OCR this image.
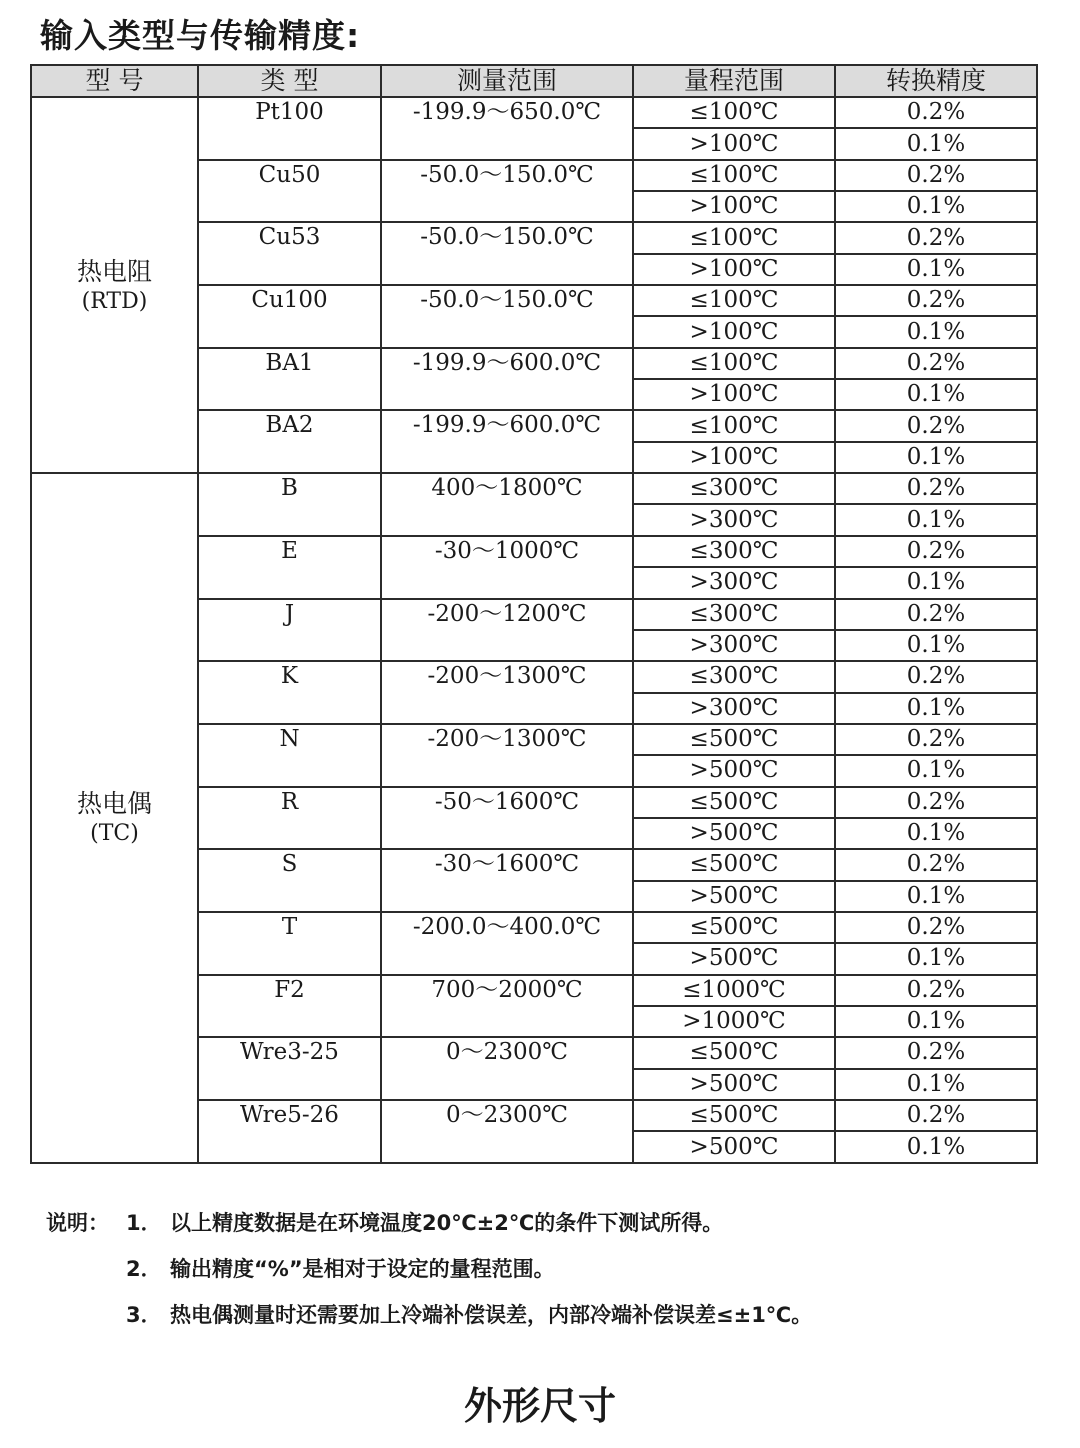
输入类型与传输精度:
型 号	类 型	测量范围	量程范围	转换精度

热电阻
(RTD)	Pt100	-199.9～650.0℃	≤100℃	0.2%
			>100℃	0.1%
	Cu50	-50.0～150.0℃	≤100℃	0.2%
			>100℃	0.1%
	Cu53	-50.0～150.0℃	≤100℃	0.2%
			>100℃	0.1%
	Cu100	-50.0～150.0℃	≤100℃	0.2%
			>100℃	0.1%
	BA1	-199.9～600.0℃	≤100℃	0.2%
			>100℃	0.1%
	BA2	-199.9～600.0℃	≤100℃	0.2%
			>100℃	0.1%

热电偶
(TC)	B	400～1800℃	≤300℃	0.2%
			>300℃	0.1%
	E	-30～1000℃	≤300℃	0.2%
			>300℃	0.1%
	J	-200～1200℃	≤300℃	0.2%
			>300℃	0.1%
	K	-200～1300℃	≤300℃	0.2%
			>300℃	0.1%
	N	-200～1300℃	≤500℃	0.2%
			>500℃	0.1%
	R	-50～1600℃	≤500℃	0.2%
			>500℃	0.1%
	S	-30～1600℃	≤500℃	0.2%
			>500℃	0.1%
	T	-200.0～400.0℃	≤500℃	0.2%
			>500℃	0.1%
	F2	700～2000℃	≤1000℃	0.2%
			>1000℃	0.1%
	Wre3-25	0～2300℃	≤500℃	0.2%
			>500℃	0.1%
	Wre5-26	0～2300℃	≤500℃	0.2%
			>500℃	0.1%
说明： 1． 以上精度数据是在环境温度20℃±2℃的条件下测试所得。
2． 输出精度“%”是相对于设定的量程范围。
3． 热电偶测量时还需要加上冷端补偿误差，内部冷端补偿误差≤±1℃。
外形尺寸
